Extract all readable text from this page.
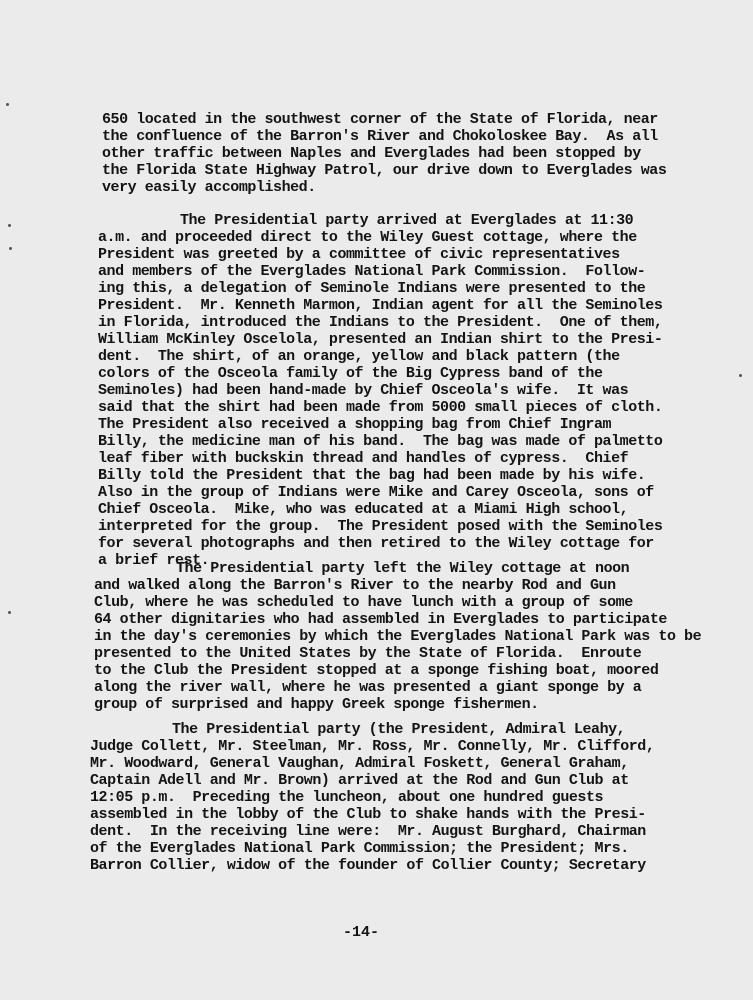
650 located in the southwest corner of the State of Florida, near
the confluence of the Barron's River and Chokoloskee Bay.  As all
other traffic between Naples and Everglades had been stopped by
the Florida State Highway Patrol, our drive down to Everglades was
very easily accomplished.
The Presidential party arrived at Everglades at 11:30
a.m. and proceeded direct to the Wiley Guest cottage, where the
President was greeted by a committee of civic representatives
and members of the Everglades National Park Commission.  Follow-
ing this, a delegation of Seminole Indians were presented to the
President.  Mr. Kenneth Marmon, Indian agent for all the Seminoles
in Florida, introduced the Indians to the President.  One of them,
William McKinley Oscelola, presented an Indian shirt to the Presi-
dent.  The shirt, of an orange, yellow and black pattern (the
colors of the Osceola family of the Big Cypress band of the
Seminoles) had been hand-made by Chief Osceola's wife.  It was
said that the shirt had been made from 5000 small pieces of cloth.
The President also received a shopping bag from Chief Ingram
Billy, the medicine man of his band.  The bag was made of palmetto
leaf fiber with buckskin thread and handles of cypress.  Chief
Billy told the President that the bag had been made by his wife.
Also in the group of Indians were Mike and Carey Osceola, sons of
Chief Osceola.  Mike, who was educated at a Miami High school,
interpreted for the group.  The President posed with the Seminoles
for several photographs and then retired to the Wiley cottage for
a brief rest.
The Presidential party left the Wiley cottage at noon
and walked along the Barron's River to the nearby Rod and Gun
Club, where he was scheduled to have lunch with a group of some
64 other dignitaries who had assembled in Everglades to participate
in the day's ceremonies by which the Everglades National Park was to be
presented to the United States by the State of Florida.  Enroute
to the Club the President stopped at a sponge fishing boat, moored
along the river wall, where he was presented a giant sponge by a
group of surprised and happy Greek sponge fishermen.
The Presidential party (the President, Admiral Leahy,
Judge Collett, Mr. Steelman, Mr. Ross, Mr. Connelly, Mr. Clifford,
Mr. Woodward, General Vaughan, Admiral Foskett, General Graham,
Captain Adell and Mr. Brown) arrived at the Rod and Gun Club at
12:05 p.m.  Preceding the luncheon, about one hundred guests
assembled in the lobby of the Club to shake hands with the Presi-
dent.  In the receiving line were:  Mr. August Burghard, Chairman
of the Everglades National Park Commission; the President; Mrs.
Barron Collier, widow of the founder of Collier County; Secretary
-14-
